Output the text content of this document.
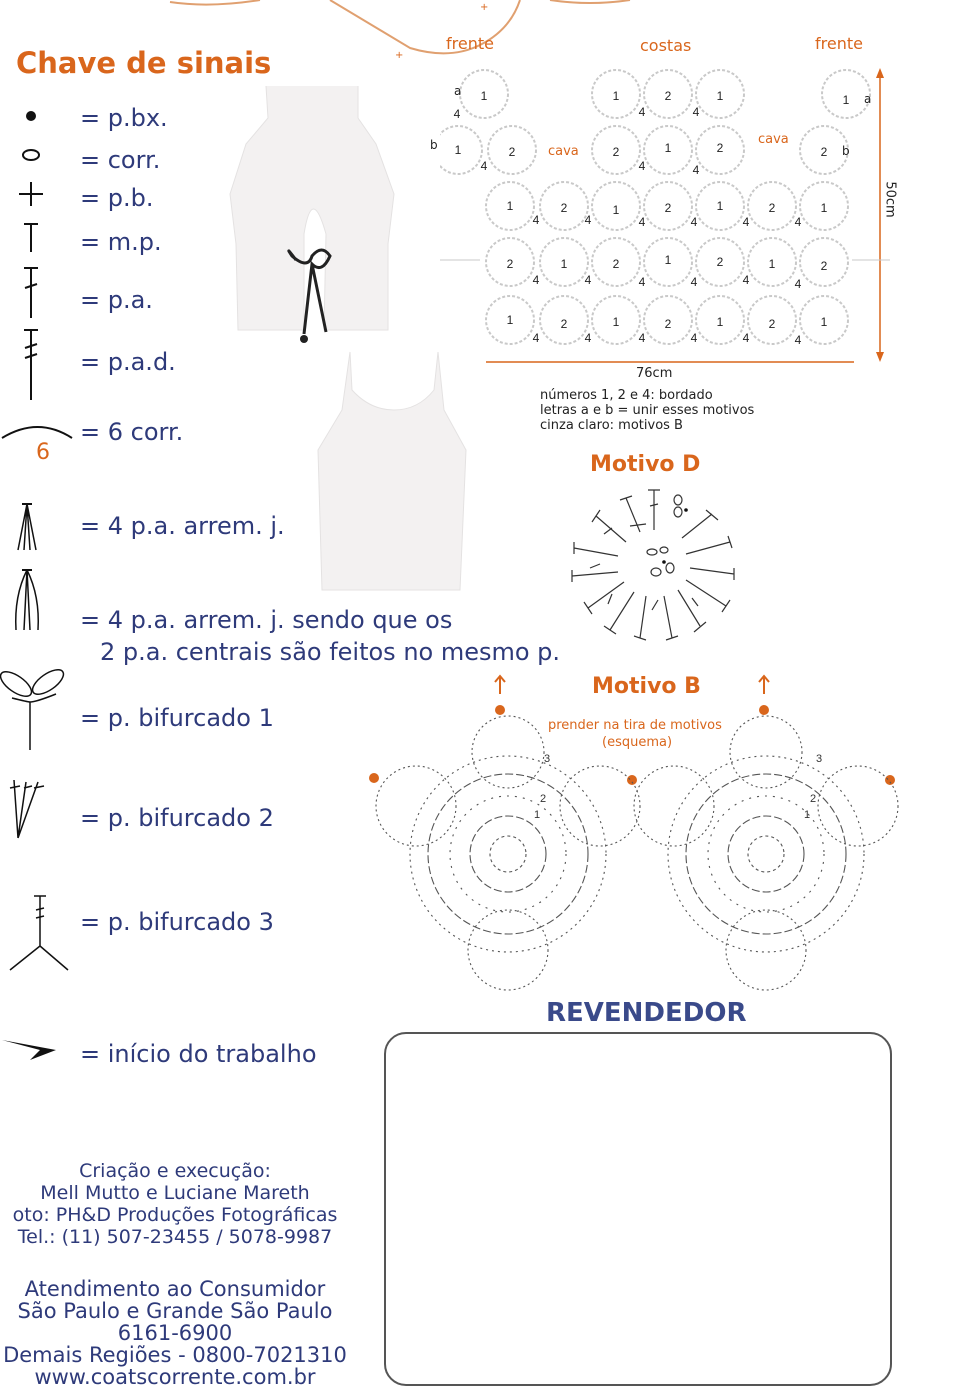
+
+
Chave de sinais
= p.bx.
= corr.
= p.b.
= m.p.
= p.a.
= p.a.d.
6
= 6 corr.
= 4 p.a. arrem. j.
= 4 p.a. arrem. j. sendo que os
2 p.a. centrais são feitos no mesmo p.
= p. bifurcado 1
= p. bifurcado 2
= p. bifurcado 3
= início do trabalho
frente	costas	frente
cava
cava
1	1	2	1	1
1	2	2	1	2	2
1	2	1	2	1	2	1
2	1	2	1	2	1	2
1	2	1	2	1	2	1
4	4	4
4	4	4
4	4	4	4	4	4
4	4	4	4	4	4
4	4	4	4	4	4
a
a
b	b
76cm
50cm
números 1, 2 e 4: bordado
letras a e b = unir esses motivos
cinza claro: motivos B
Motivo D
Motivo B
prender na tira de motivos
(esquema)
3
2
1
3
2
1
REVENDEDOR
Criação e execução:
Mell Mutto e Luciane Mareth
oto: PH&D Produções Fotográficas
Tel.: (11) 507-23455 / 5078-9987
Atendimento ao Consumidor
São Paulo e Grande São Paulo
6161-6900
Demais Regiões - 0800-7021310
www.coatscorrente.com.br
